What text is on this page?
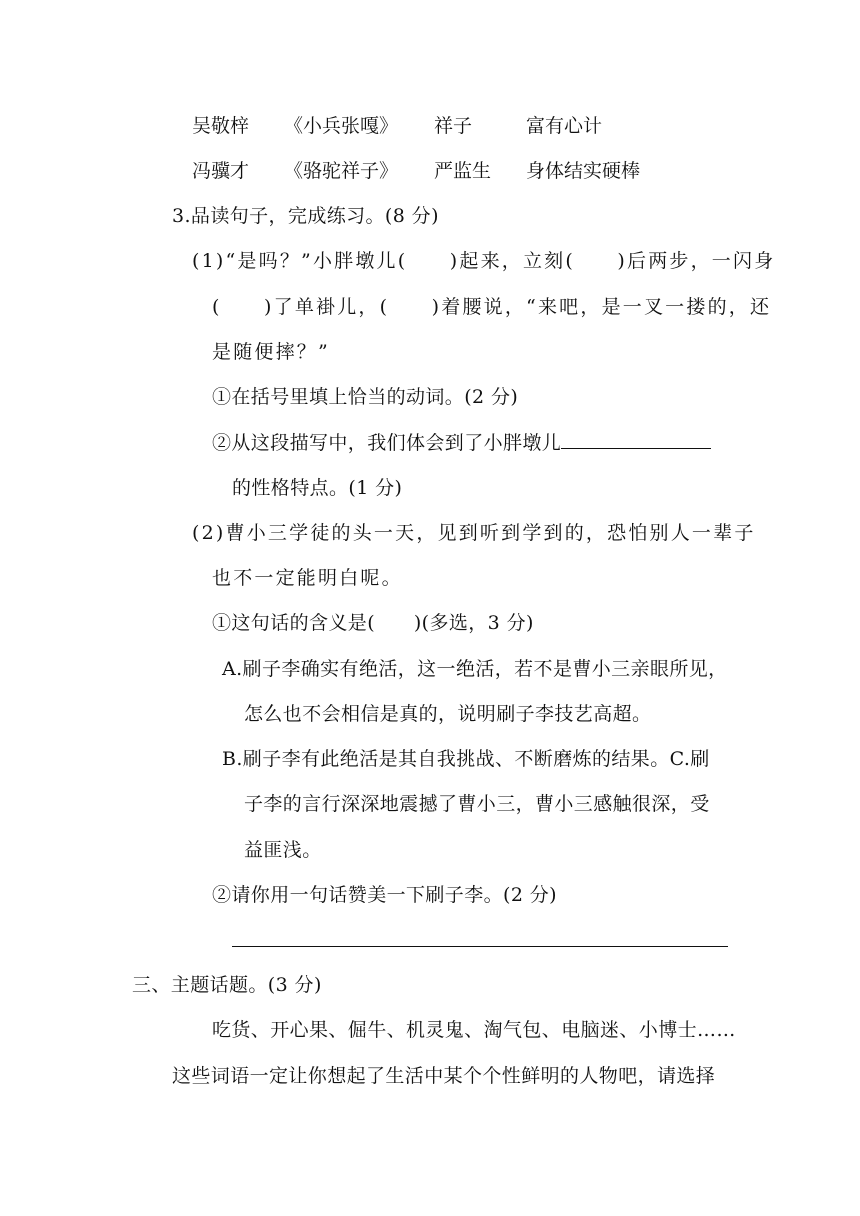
吴敬梓 《小兵张嘎》 祥子	富有心计
冯骥才 《骆驼祥子》 严监生 身体结实硬棒

3.品读句子，完成练习。(8 分)

(1)“是吗？”小胖墩儿(　　)起来，立刻(　　)后两步，一闪身

(　　)了单褂儿，(　　)着腰说，“来吧，是一叉一搂的，还

是随便摔？”

①在括号里填上恰当的动词。(2 分)

②从这段描写中，我们体会到了小胖墩儿

的性格特点。(1 分)

(2)曹小三学徒的头一天，见到听到学到的，恐怕别人一辈子

也不一定能明白呢。

①这句话的含义是(　　)(多选，3 分)

A.刷子李确实有绝活，这一绝活，若不是曹小三亲眼所见，

怎么也不会相信是真的，说明刷子李技艺高超。

B.刷子李有此绝活是其自我挑战、不断磨炼的结果。C.刷

子李的言行深深地震撼了曹小三，曹小三感触很深，受

益匪浅。

②请你用一句话赞美一下刷子李。(2 分)

三、主题话题。(3 分)

吃货、开心果、倔牛、机灵鬼、淘气包、电脑迷、小博士……

这些词语一定让你想起了生活中某个个性鲜明的人物吧，请选择
